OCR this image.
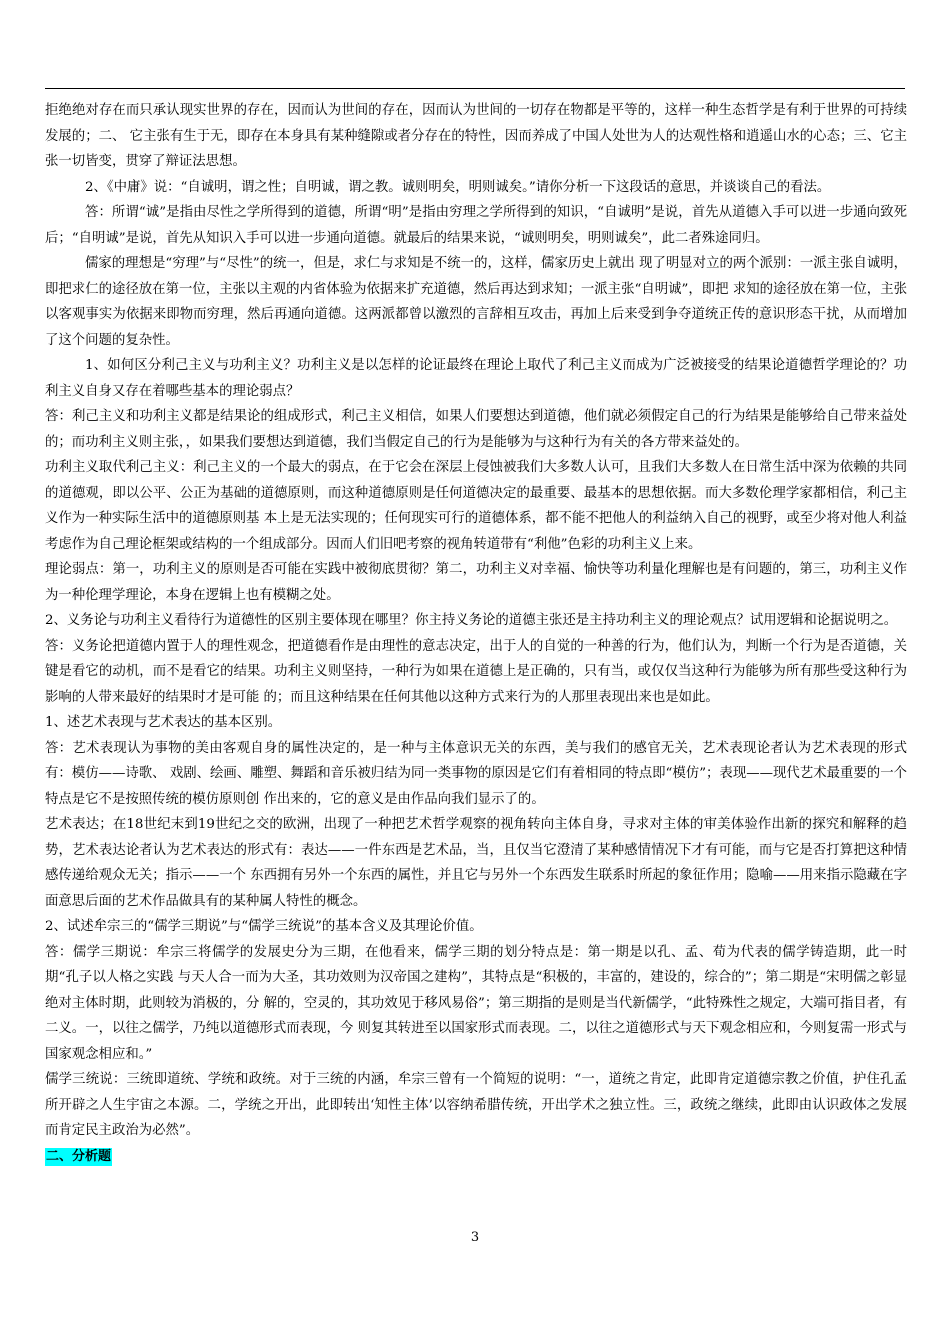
拒绝绝对存在而只承认现实世界的存在，因而认为世间的存在，因而认为世间的一切存在物都是平等的，这样一种生态哲学是有利于世界的可持续发展的；二、 它主张有生于无，即存在本身具有某种缝隙或者分存在的特性，因而养成了中国人处世为人的达观性格和逍遥山水的心态；三、它主张一切皆变，贯穿了辩证法思想。

2、《中庸》说：“自诚明，谓之性；自明诚，谓之教。诚则明矣，明则诚矣。”请你分析一下这段话的意思，并谈谈自己的看法。

答：所谓“诚”是指由尽性之学所得到的道德，所谓“明”是指由穷理之学所得到的知识，“自诚明”是说，首先从道德入手可以进一步通向致死后；“自明诚”是说，首先从知识入手可以进一步通向道德。就最后的结果来说，“诚则明矣，明则诚矣”，此二者殊途同归。

儒家的理想是“穷理”与“尽性”的统一，但是，求仁与求知是不统一的，这样，儒家历史上就出 现了明显对立的两个派别：一派主张自诚明，即把求仁的途径放在第一位，主张以主观的内省体验为依据来扩充道德，然后再达到求知；一派主张“自明诚”，即把 求知的途径放在第一位，主张以客观事实为依据来即物而穷理，然后再通向道德。这两派都曾以激烈的言辞相互攻击，再加上后来受到争夺道统正传的意识形态干扰，从而增加了这个问题的复杂性。

1、如何区分利己主义与功利主义？功利主义是以怎样的论证最终在理论上取代了利己主义而成为广泛被接受的结果论道德哲学理论的？功利主义自身又存在着哪些基本的理论弱点？

答：利己主义和功利主义都是结果论的组成形式，利己主义相信，如果人们要想达到道德，他们就必须假定自己的行为结果是能够给自己带来益处的；而功利主义则主张，，如果我们要想达到道德，我们当假定自己的行为是能够为与这种行为有关的各方带来益处的。

功利主义取代利己主义：利己主义的一个最大的弱点，在于它会在深层上侵蚀被我们大多数人认可，且我们大多数人在日常生活中深为依赖的共同的道德观，即以公平、公正为基础的道德原则，而这种道德原则是任何道德决定的最重要、最基本的思想依据。而大多数伦理学家都相信，利己主义作为一种实际生活中的道德原则基 本上是无法实现的；任何现实可行的道德体系，都不能不把他人的利益纳入自己的视野，或至少将对他人利益考虑作为自己理论框架或结构的一个组成部分。因而人们旧吧考察的视角转道带有“利他”色彩的功利主义上来。

理论弱点：第一，功利主义的原则是否可能在实践中被彻底贯彻？第二，功利主义对幸福、愉快等功利量化理解也是有问题的，第三，功利主义作为一种伦理学理论，本身在逻辑上也有模糊之处。

2、义务论与功利主义看待行为道德性的区别主要体现在哪里？你主持义务论的道德主张还是主持功利主义的理论观点？试用逻辑和论据说明之。

答：义务论把道德内置于人的理性观念，把道德看作是由理性的意志决定，出于人的自觉的一种善的行为，他们认为，判断一个行为是否道德，关键是看它的动机，而不是看它的结果。功利主义则坚持，一种行为如果在道德上是正确的，只有当，或仅仅当这种行为能够为所有那些受这种行为影响的人带来最好的结果时才是可能 的；而且这种结果在任何其他以这种方式来行为的人那里表现出来也是如此。

1、述艺术表现与艺术表达的基本区别。

答：艺术表现认为事物的美由客观自身的属性决定的，是一种与主体意识无关的东西，美与我们的感官无关，艺术表现论者认为艺术表现的形式有：模仿——诗歌、 戏剧、绘画、雕塑、舞蹈和音乐被归结为同一类事物的原因是它们有着相同的特点即“模仿”；表现——现代艺术最重要的一个特点是它不是按照传统的模仿原则创 作出来的，它的意义是由作品向我们显示了的。

艺术表达；在18世纪末到19世纪之交的欧洲，出现了一种把艺术哲学观察的视角转向主体自身，寻求对主体的审美体验作出新的探究和解释的趋势，艺术表达论者认为艺术表达的形式有：表达——一件东西是艺术品，当，且仅当它澄清了某种感情情况下才有可能，而与它是否打算把这种情感传递给观众无关；指示——一个 东西拥有另外一个东西的属性，并且它与另外一个东西发生联系时所起的象征作用；隐喻——用来指示隐藏在字面意思后面的艺术作品做具有的某种属人特性的概念。

2、试述牟宗三的“儒学三期说”与“儒学三统说”的基本含义及其理论价值。

答：儒学三期说：牟宗三将儒学的发展史分为三期，在他看来，儒学三期的划分特点是：第一期是以孔、孟、荀为代表的儒学铸造期，此一时期“孔子以人格之实践 与天人合一而为大圣，其功效则为汉帝国之建构”，其特点是“积极的，丰富的，建设的，综合的”；第二期是“宋明儒之彰显绝对主体时期，此则较为消极的，分 解的，空灵的，其功效见于移风易俗”；第三期指的是则是当代新儒学，“此特殊性之规定，大端可指目者，有二义。一，以往之儒学，乃纯以道德形式而表现，今 则复其转进至以国家形式而表现。二，以往之道德形式与天下观念相应和，今则复需一形式与国家观念相应和。”

儒学三统说：三统即道统、学统和政统。对于三统的内涵，牟宗三曾有一个简短的说明：“一，道统之肯定，此即肯定道德宗教之价值，护住孔孟所开辟之人生宇宙之本源。二，学统之开出，此即转出‘知性主体’以容纳希腊传统，开出学术之独立性。三，政统之继续，此即由认识政体之发展而肯定民主政治为必然”。

二、分析题

3
